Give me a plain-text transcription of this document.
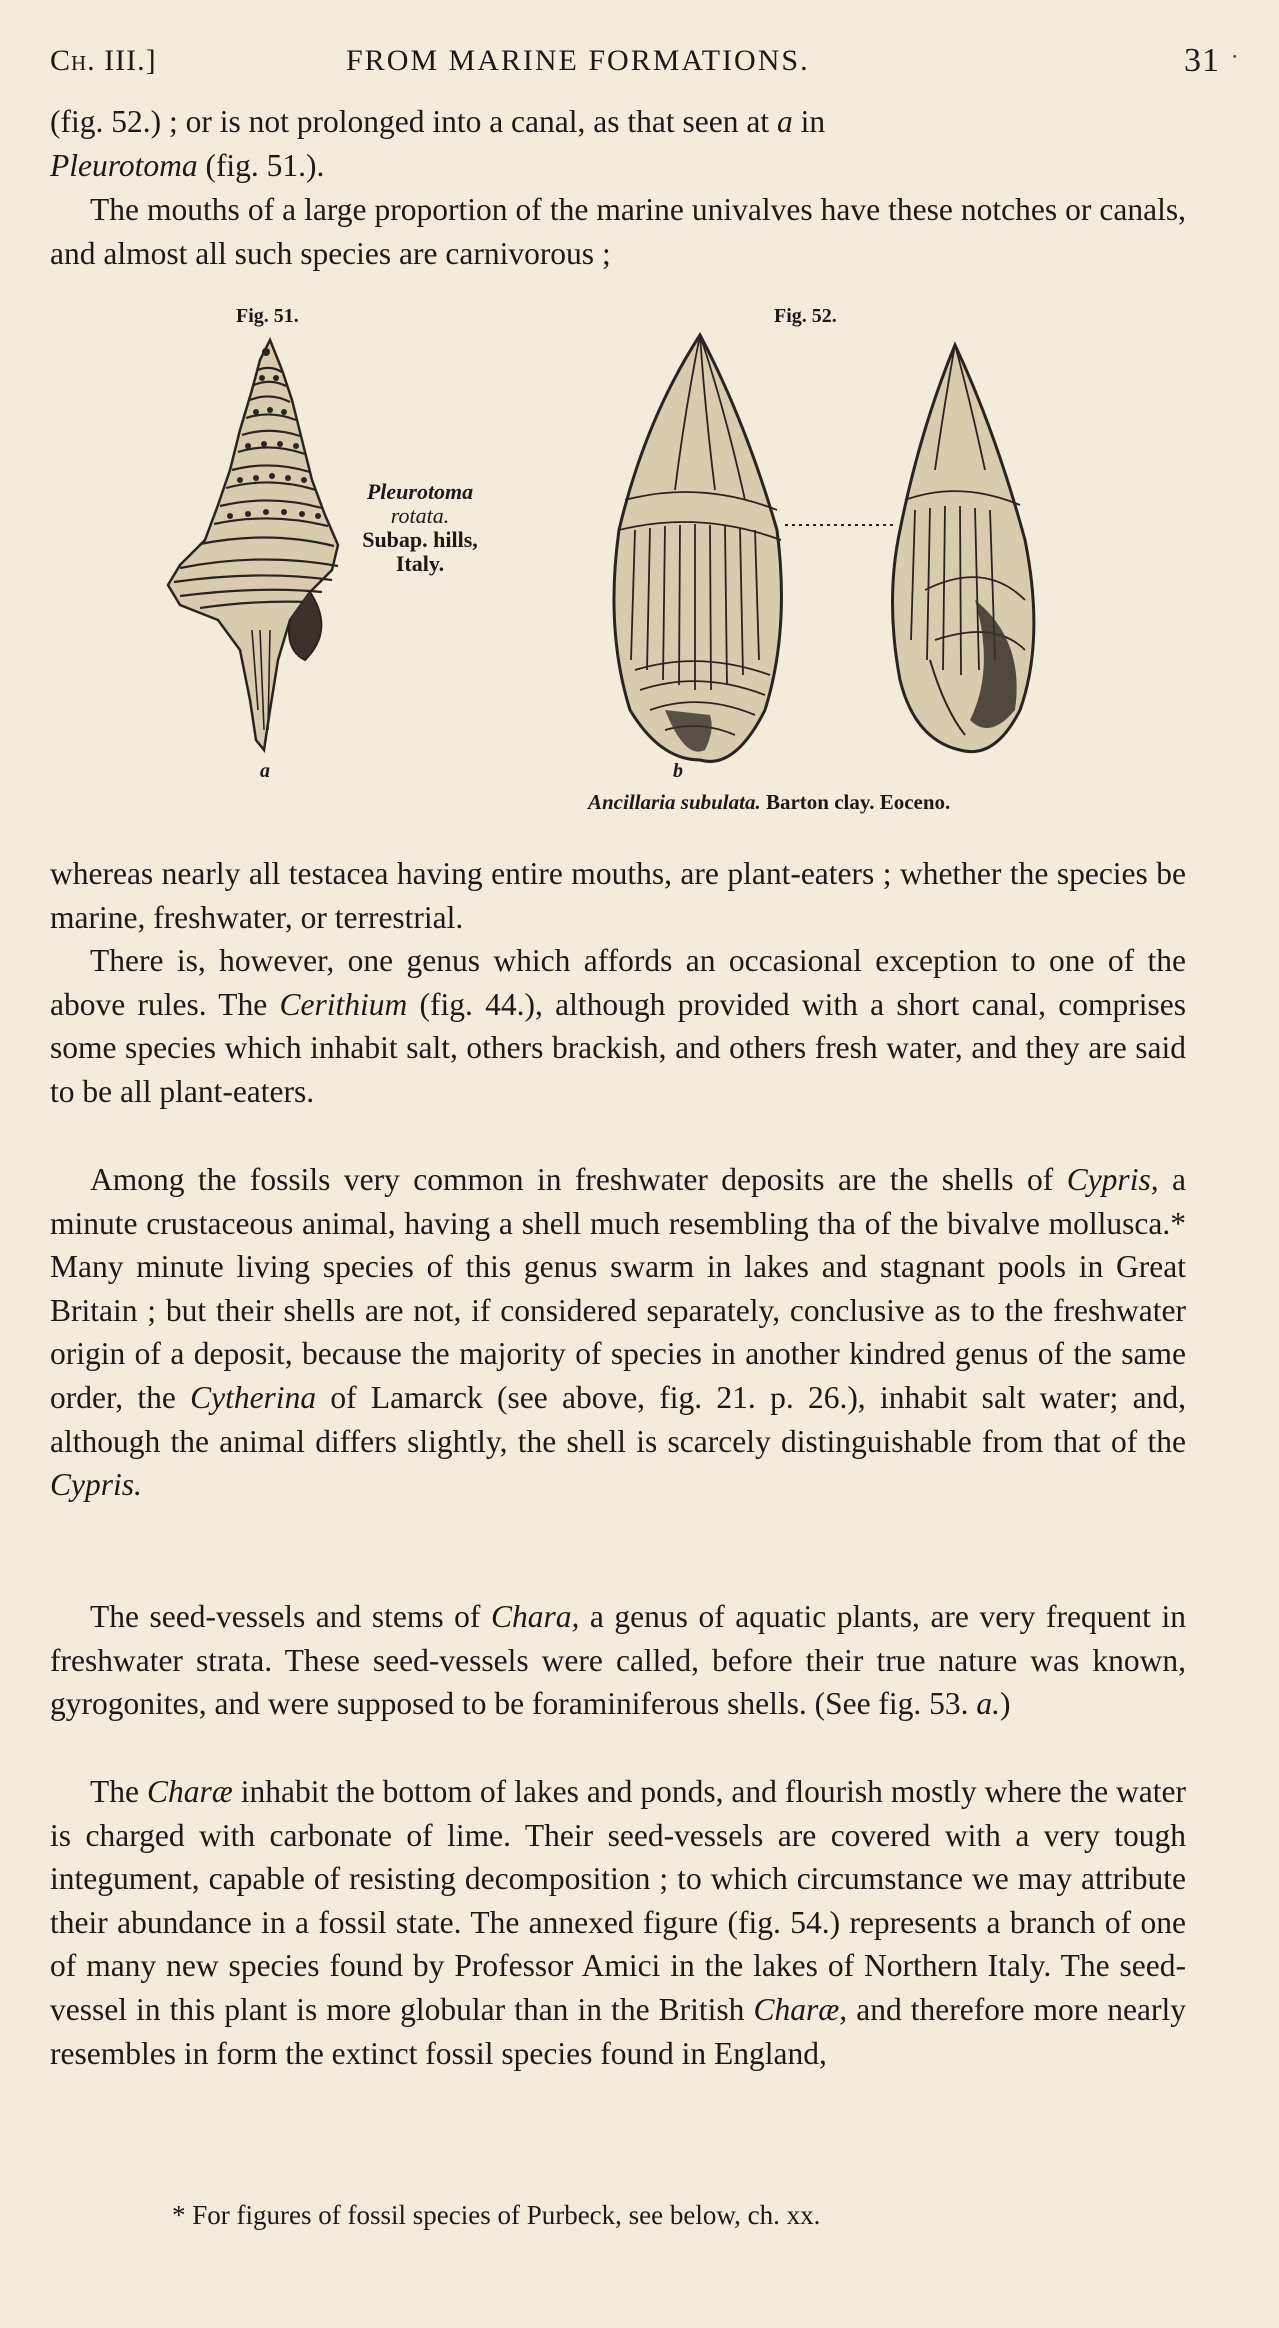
Ch. III.]	FROM MARINE FORMATIONS.	31 ·

(fig. 52.) ; or is not prolonged into a canal, as that seen at a in
Pleurotoma (fig. 51.).

The mouths of a large proportion of the marine univalves have these notches or canals, and almost all such species are carnivorous ;

Fig. 51.	Fig. 52.
Pleurotoma
rotata.
Subap. hills,
Italy.
a	b
Ancillaria subulata. Barton clay. Eoceno.

whereas nearly all testacea having entire mouths, are plant-eaters ; whether the species be marine, freshwater, or terrestrial.

There is, however, one genus which affords an occasional exception to one of the above rules. The Cerithium (fig. 44.), although provided with a short canal, comprises some species which inhabit salt, others brackish, and others fresh water, and they are said to be all plant-eaters.

Among the fossils very common in freshwater deposits are the shells of Cypris, a minute crustaceous animal, having a shell much resembling tha of the bivalve mollusca.* Many minute living species of this genus swarm in lakes and stagnant pools in Great Britain ; but their shells are not, if considered separately, conclusive as to the freshwater origin of a deposit, because the majority of species in another kindred genus of the same order, the Cytherina of Lamarck (see above, fig. 21. p. 26.), inhabit salt water; and, although the animal differs slightly, the shell is scarcely distinguishable from that of the Cypris.

The seed-vessels and stems of Chara, a genus of aquatic plants, are very frequent in freshwater strata. These seed-vessels were called, before their true nature was known, gyrogonites, and were supposed to be foraminiferous shells. (See fig. 53. a.)

The Charæ inhabit the bottom of lakes and ponds, and flourish mostly where the water is charged with carbonate of lime. Their seed-vessels are covered with a very tough integument, capable of resisting decomposition ; to which circumstance we may attribute their abundance in a fossil state. The annexed figure (fig. 54.) represents a branch of one of many new species found by Professor Amici in the lakes of Northern Italy. The seed-vessel in this plant is more globular than in the British Charæ, and therefore more nearly resembles in form the extinct fossil species found in England,

* For figures of fossil species of Purbeck, see below, ch. xx.
